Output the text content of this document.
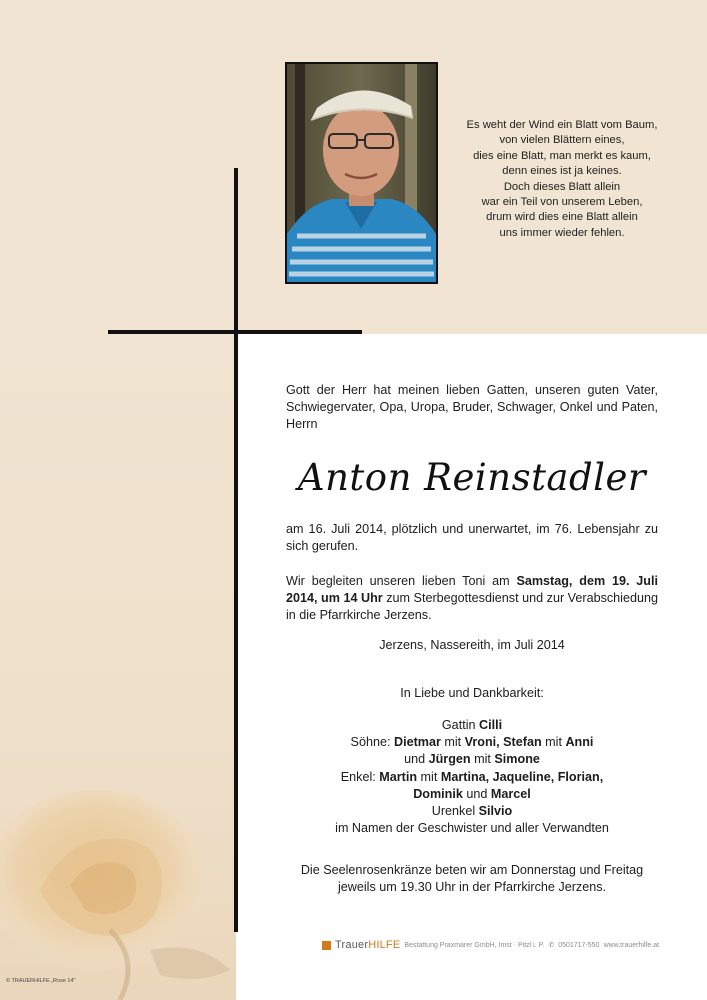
Es weht der Wind ein Blatt vom Baum,
von vielen Blättern eines,
dies eine Blatt, man merkt es kaum,
denn eines ist ja keines.
Doch dieses Blatt allein
war ein Teil von unserem Leben,
drum wird dies eine Blatt allein
uns immer wieder fehlen.
Gott der Herr hat meinen lieben Gatten, unseren guten Vater, Schwiegervater, Opa, Uropa, Bruder, Schwager, Onkel und Paten, Herrn
Anton Reinstadler
am 16. Juli 2014, plötzlich und unerwartet, im 76. Lebensjahr zu sich gerufen.
Wir begleiten unseren lieben Toni am Samstag, dem 19. Juli 2014, um 14 Uhr zum Sterbegottesdienst und zur Verabschiedung in die Pfarrkirche Jerzens.
Jerzens, Nassereith, im Juli 2014
In Liebe und Dankbarkeit:
Gattin Cilli
Söhne: Dietmar mit Vroni, Stefan mit Anni
und Jürgen mit Simone
Enkel: Martin mit Martina, Jaqueline, Florian,
Dominik und Marcel
Urenkel Silvio
im Namen der Geschwister und aller Verwandten
Die Seelenrosenkränze beten wir am Donnerstag und Freitag jeweils um 19.30 Uhr in der Pfarrkirche Jerzens.
TrauerHILFE Bestattung Praxmarer GmbH, Imst · Pitzl i. P. ✆ 0501717-550 www.trauerhilfe.at
© TRAUERHILFE „Rose 14"
